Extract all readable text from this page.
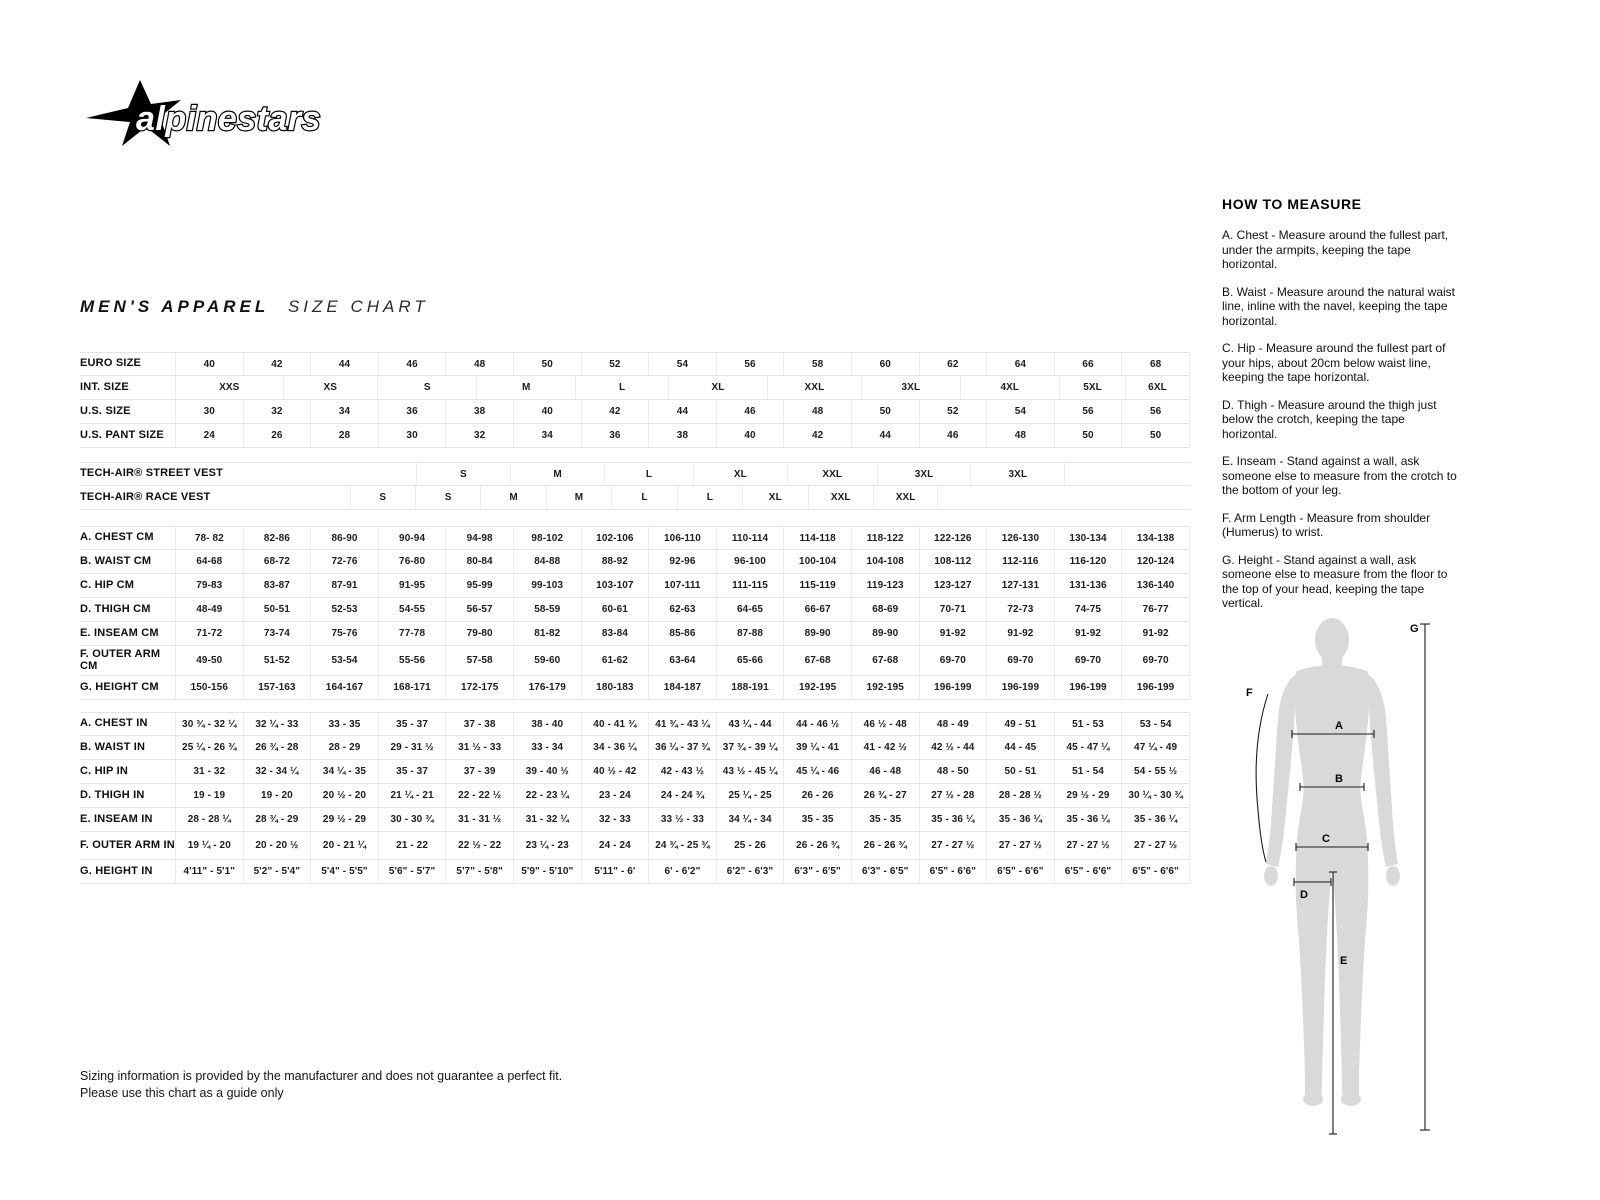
alpinestars
MEN'S APPAREL SIZE CHART
EURO SIZE	40	42	44	46	48	50	52	54	56	58	60	62	64	66	68
INT. SIZE	XXS	XS	S	M	L	XL	XXL	3XL	4XL	5XL	6XL
U.S. SIZE	30	32	34	36	38	40	42	44	46	48	50	52	54	56	56
U.S. PANT SIZE	24	26	28	30	32	34	36	38	40	42	44	46	48	50	50
TECH-AIR® STREET VEST	S	M	L	XL	XXL	3XL	3XL
TECH-AIR® RACE VEST	S	S	M	M	L	L	XL	XXL	XXL
A. CHEST CM	78- 82	82-86	86-90	90-94	94-98	98-102	102-106	106-110	110-114	114-118	118-122	122-126	126-130	130-134	134-138
B. WAIST CM	64-68	68-72	72-76	76-80	80-84	84-88	88-92	92-96	96-100	100-104	104-108	108-112	112-116	116-120	120-124
C. HIP CM	79-83	83-87	87-91	91-95	95-99	99-103	103-107	107-111	111-115	115-119	119-123	123-127	127-131	131-136	136-140
D. THIGH CM	48-49	50-51	52-53	54-55	56-57	58-59	60-61	62-63	64-65	66-67	68-69	70-71	72-73	74-75	76-77
E. INSEAM CM	71-72	73-74	75-76	77-78	79-80	81-82	83-84	85-86	87-88	89-90	89-90	91-92	91-92	91-92	91-92
F. OUTER ARM CM	49-50	51-52	53-54	55-56	57-58	59-60	61-62	63-64	65-66	67-68	67-68	69-70	69-70	69-70	69-70
G. HEIGHT CM	150-156	157-163	164-167	168-171	172-175	176-179	180-183	184-187	188-191	192-195	192-195	196-199	196-199	196-199	196-199
A. CHEST IN	30 ¾ - 32 ¼	32 ¼ - 33	33 - 35	35 - 37	37 - 38	38 - 40	40 - 41 ¾	41 ¾ - 43 ¼	43 ¼ - 44	44 - 46 ½	46 ½ - 48	48 - 49	49 - 51	51 - 53	53 - 54
B. WAIST IN	25 ¼ - 26 ¾	26 ¾ - 28	28 - 29	29 - 31 ½	31 ½ - 33	33 - 34	34 - 36 ¼	36 ¼ - 37 ¾	37 ¾ - 39 ¼	39 ¼ - 41	41 - 42 ½	42 ½ - 44	44 - 45	45 - 47 ¼	47 ¼ - 49
C. HIP IN	31 - 32	32 - 34 ¼	34 ¼ - 35	35 - 37	37 - 39	39 - 40 ½	40 ½ - 42	42 - 43 ½	43 ½ - 45 ¼	45 ¼ - 46	46 - 48	48 - 50	50 - 51	51 - 54	54 - 55 ½
D. THIGH IN	19 - 19	19 - 20	20 ½ - 20	21 ¼ - 21	22 - 22 ½	22 - 23 ¼	23 - 24	24 - 24 ¾	25 ¼ - 25	26 - 26	26 ¾ - 27	27 ½ - 28	28 - 28 ½	29 ½ - 29	30 ¼ - 30 ¾
E. INSEAM IN	28 - 28 ¼	28 ¾ - 29	29 ½ - 29	30 - 30 ¾	31 - 31 ½	31 - 32 ¼	32 - 33	33 ½ - 33	34 ¼ - 34	35 - 35	35 - 35	35 - 36 ¼	35 - 36 ¼	35 - 36 ¼	35 - 36 ¼
F. OUTER ARM IN	19 ¼ - 20	20 - 20 ½	20 - 21 ¼	21 - 22	22 ½ - 22	23 ¼ - 23	24 - 24	24 ¾ - 25 ¾	25 - 26	26 - 26 ¾	26 - 26 ¾	27 - 27 ½	27 - 27 ½	27 - 27 ½	27 - 27 ½
G. HEIGHT IN	4'11" - 5'1"	5'2" - 5'4"	5'4" - 5'5"	5'6" - 5'7"	5'7" - 5'8"	5'9" - 5'10"	5'11" - 6'	6' - 6'2"	6'2" - 6'3"	6'3" - 6'5"	6'3" - 6'5"	6'5" - 6'6"	6'5" - 6'6"	6'5" - 6'6"	6'5" - 6'6"
HOW TO MEASURE

A. Chest - Measure around the fullest part, under the armpits, keeping the tape horizontal.

B. Waist - Measure around the natural waist line, inline with the navel, keeping the tape horizontal.

C. Hip - Measure around the fullest part of your hips, about 20cm below waist line, keeping the tape horizontal.

D. Thigh - Measure around the thigh just below the crotch, keeping the tape horizontal.

E. Inseam - Stand against a wall, ask someone else to measure from the crotch to the bottom of your leg.

F. Arm Length - Measure from shoulder (Humerus) to wrist.

G. Height - Stand against a wall, ask someone else to measure from the floor to the top of your head, keeping the tape vertical.

A
B
C
D
E
F
G
Sizing information is provided by the manufacturer and does not guarantee a perfect fit.
Please use this chart as a guide only
